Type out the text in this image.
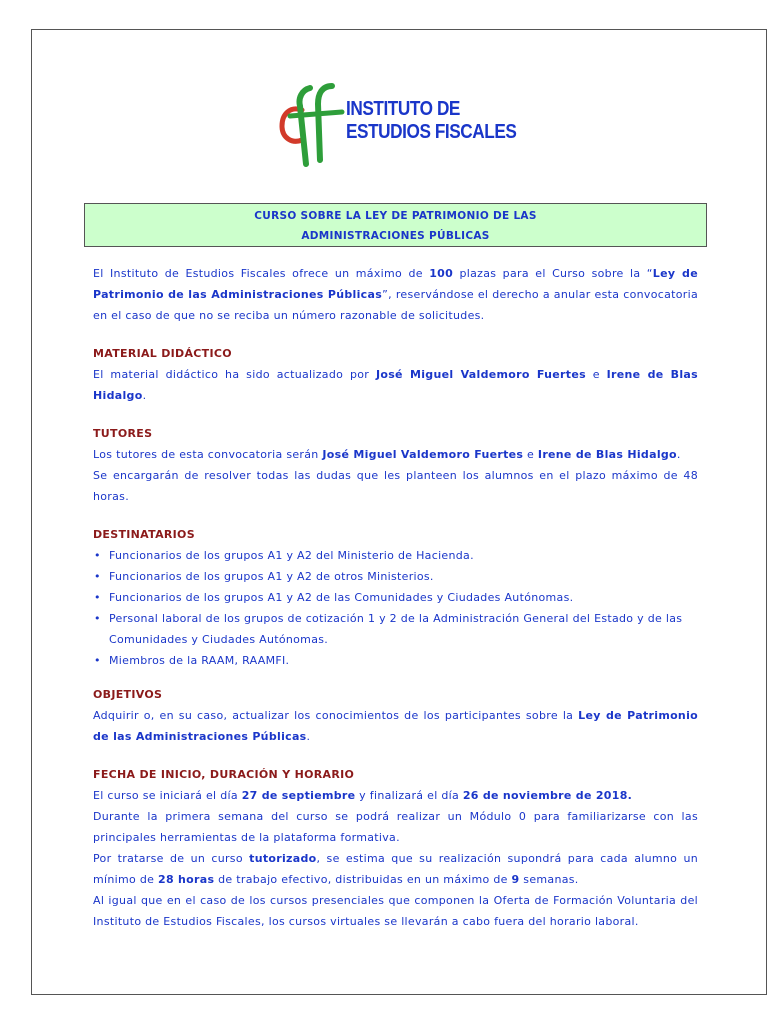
INSTITUTO DE
ESTUDIOS FISCALES
CURSO SOBRE LA LEY DE PATRIMONIO DE LAS
ADMINISTRACIONES PÚBLICAS

El Instituto de Estudios Fiscales ofrece un máximo de 100 plazas para el Curso sobre la “Ley de Patrimonio de las Administraciones Públicas”, reservándose el derecho a anular esta convocatoria en el caso de que no se reciba un número razonable de solicitudes.

MATERIAL DIDÁCTICO

El material didáctico ha sido actualizado por José Miguel Valdemoro Fuertes e Irene de Blas Hidalgo.

TUTORES

Los tutores de esta convocatoria serán José Miguel Valdemoro Fuertes e Irene de Blas Hidalgo.

Se encargarán de resolver todas las dudas que les planteen los alumnos en el plazo máximo de 48 horas.

DESTINATARIOS

• Funcionarios de los grupos A1 y A2 del Ministerio de Hacienda.
• Funcionarios de los grupos A1 y A2 de otros Ministerios.
• Funcionarios de los grupos A1 y A2 de las Comunidades y Ciudades Autónomas.
• Personal laboral de los grupos de cotización 1 y 2 de la Administración General del Estado y de las Comunidades y Ciudades Autónomas.
• Miembros de la RAAM, RAAMFI.

OBJETIVOS

Adquirir o, en su caso, actualizar los conocimientos de los participantes sobre la Ley de Patrimonio de las Administraciones Públicas.

FECHA DE INICIO, DURACIÓN Y HORARIO

El curso se iniciará el día 27 de septiembre y finalizará el día 26 de noviembre de 2018.

Durante la primera semana del curso se podrá realizar un Módulo 0 para familiarizarse con las principales herramientas de la plataforma formativa.

Por tratarse de un curso tutorizado, se estima que su realización supondrá para cada alumno un mínimo de 28 horas de trabajo efectivo, distribuidas en un máximo de 9 semanas.

Al igual que en el caso de los cursos presenciales que componen la Oferta de Formación Voluntaria del Instituto de Estudios Fiscales, los cursos virtuales se llevarán a cabo fuera del horario laboral.
